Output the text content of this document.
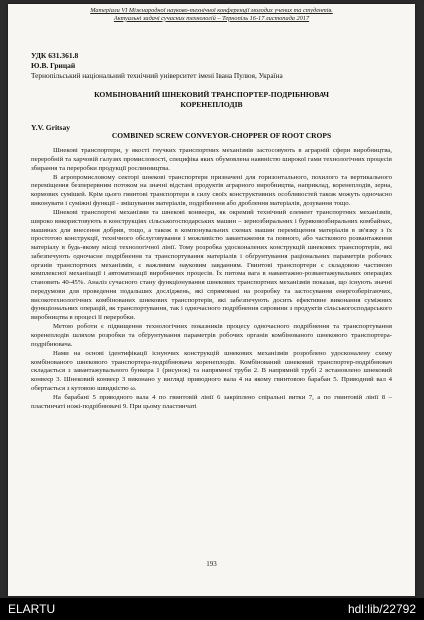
Матеріали VI Міжнародної науково-технічної конференції молодих учених та студентів.
Актуальні задачі сучасних технологій – Тернопіль 16-17 листопада 2017
УДК 631.361.8
Ю.В. Грицай
Тернопільський національний технічний університет імені Івана Пулюя, Україна
КОМБІНОВАНИЙ ШНЕКОВИЙ ТРАНСПОРТЕР-ПОДРІБНЮВАЧ
КОРЕНЕПЛОДІВ
Y.V. Gritsay
COMBINED SCREW CONVEYOR-CHOPPER OF ROOT CROPS

Шнекові транспортери, у якості гнучких транспортних механізмів застосовують в аграрній сфери виробництва, переробній та харчовій галузях промисловості, специфіка яких обумовлена наявністю широкої гами технологічних процесів збирання та переробки продукції рослинництва.

В агропромисловому секторі шнекові транспортери призначені для горизонтального, похилого та вертикального переміщення безперервним потоком на значні відстані продуктів аграрного виробництва, наприклад, коренеплодів, зерна, кормових сумішей. Крім цього гвинтові транспортери в силу своїх конструктивних особливостей також можуть одночасно виконувати і суміжні функції - змішування матеріалів, подрібнення або дроблення матеріалів, дозування тощо.

Шнекові транспортні механізми та шнекові конвеєри, як окремий технічний елемент транспортних механізмів, широко використовують в конструкціях сільськогосподарських машин – зернозбиральних і буряковозбиральних комбайнах, машинах для внесення добрив, тощо, а також в компонувальних схемах машин переміщення матеріалів в зв'язку з їх простотою конструкції, технічного обслуговування і можливістю завантаження та повного, або часткового розвантаження матеріалу в будь-якому місці технологічної лінії. Тому розробка удосконалених конструкцій шнекових транспортерів, які забезпечують одночасне подрібнення та транспортування матеріалів і обґрунтування раціональних параметрів робочих органів транспортних механізмів, є важливим науковим завданням. Гвинтові транспортери є складовою частиною комплексної механізації і автоматизації виробничих процесів. Їх питома вага в навантажно-розвантажувальних операціях становить 40-45%. Аналіз сучасного стану функціонування шнекових транспортних механізмів показав, що існують значні передумови для проведення подальших досліджень, які спрямовані на розробку та застосування енергозберігаючих, високотехнологічних комбінованих шнекових транспортерів, які забезпечують досить ефективне виконання суміжних функціональних операцій, як транспортування, так і одночасного подрібнення сировини з продуктів сільськогосподарського виробництва в процесі її переробки.

Метою роботи є підвищення технологічних показників процесу одночасного подрібнення та транспортування коренеплодів шляхом розробки та обґрунтування параметрів робочих органів комбінованого шнекового транспортера-подрібнювача.

Нами на основі ідентифікації існуючих конструкцій шнекових механізмів розроблено удосконалену схему комбінованого шнекового транспортера-подрібнювача коренеплодів. Комбінований шнековий транспортер-подрібнювач складається з завантажувального бункера 1 (рисунок) та напрямної труби 2. В напрямній трубі 2 встановлено шнековий конвеєр 3. Шнековий конвеєр 3 виконано у вигляді приводного вала 4 на якому гвинтовою барабан 5. Приводний вал 4 обертається з кутовою швидкістю ω.

На барабані 5 приводного вала 4 по гвинтовій лінії 6 закріплено спіральні витки 7, а по гвинтовій лінії 8 – пластинчаті ножі-подрібнювачі 9. При цьому пластинчаті

193
ELARTU	hdl:lib/22792
